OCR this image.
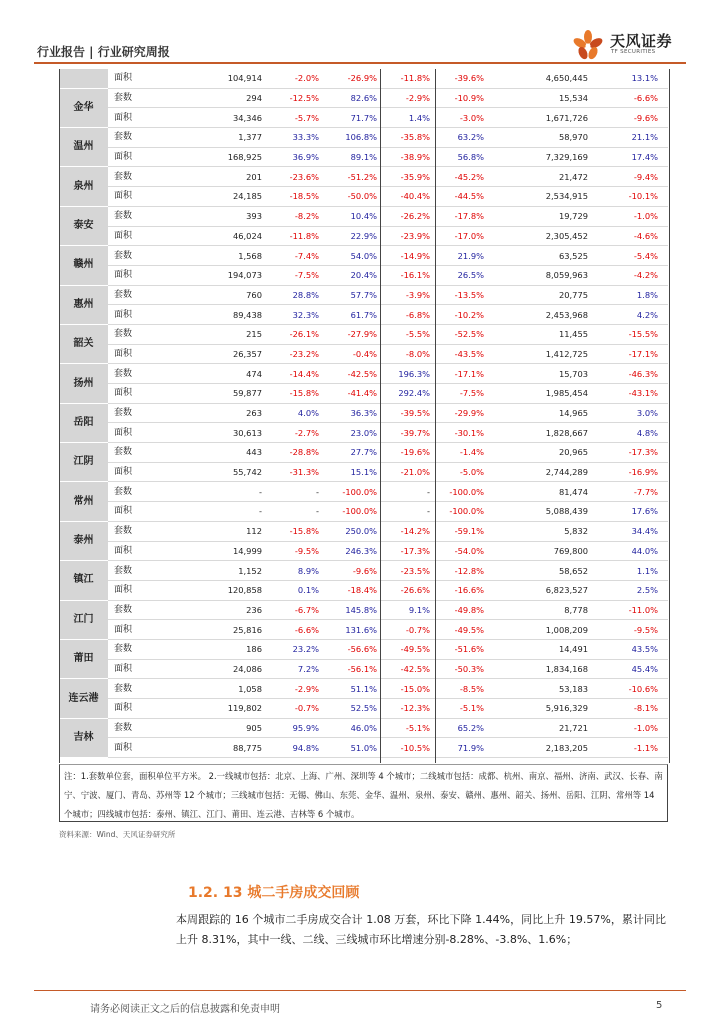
行业报告 | 行业研究周报
天风证券
TF SECURITIES
	面积	104,914	-2.0%	-26.9%	-11.8%	-39.6%	4,650,445	13.1%
金华	套数	294	-12.5%	82.6%	-2.9%	-10.9%	15,534	-6.6%
	面积	34,346	-5.7%	71.7%	1.4%	-3.0%	1,671,726	-9.6%
温州	套数	1,377	33.3%	106.8%	-35.8%	63.2%	58,970	21.1%
	面积	168,925	36.9%	89.1%	-38.9%	56.8%	7,329,169	17.4%
泉州	套数	201	-23.6%	-51.2%	-35.9%	-45.2%	21,472	-9.4%
	面积	24,185	-18.5%	-50.0%	-40.4%	-44.5%	2,534,915	-10.1%
泰安	套数	393	-8.2%	10.4%	-26.2%	-17.8%	19,729	-1.0%
	面积	46,024	-11.8%	22.9%	-23.9%	-17.0%	2,305,452	-4.6%
赣州	套数	1,568	-7.4%	54.0%	-14.9%	21.9%	63,525	-5.4%
	面积	194,073	-7.5%	20.4%	-16.1%	26.5%	8,059,963	-4.2%
惠州	套数	760	28.8%	57.7%	-3.9%	-13.5%	20,775	1.8%
	面积	89,438	32.3%	61.7%	-6.8%	-10.2%	2,453,968	4.2%
韶关	套数	215	-26.1%	-27.9%	-5.5%	-52.5%	11,455	-15.5%
	面积	26,357	-23.2%	-0.4%	-8.0%	-43.5%	1,412,725	-17.1%
扬州	套数	474	-14.4%	-42.5%	196.3%	-17.1%	15,703	-46.3%
	面积	59,877	-15.8%	-41.4%	292.4%	-7.5%	1,985,454	-43.1%
岳阳	套数	263	4.0%	36.3%	-39.5%	-29.9%	14,965	3.0%
	面积	30,613	-2.7%	23.0%	-39.7%	-30.1%	1,828,667	4.8%
江阴	套数	443	-28.8%	27.7%	-19.6%	-1.4%	20,965	-17.3%
	面积	55,742	-31.3%	15.1%	-21.0%	-5.0%	2,744,289	-16.9%
常州	套数	-	-	-100.0%	-	-100.0%	81,474	-7.7%
	面积	-	-	-100.0%	-	-100.0%	5,088,439	17.6%
泰州	套数	112	-15.8%	250.0%	-14.2%	-59.1%	5,832	34.4%
	面积	14,999	-9.5%	246.3%	-17.3%	-54.0%	769,800	44.0%
镇江	套数	1,152	8.9%	-9.6%	-23.5%	-12.8%	58,652	1.1%
	面积	120,858	0.1%	-18.4%	-26.6%	-16.6%	6,823,527	2.5%
江门	套数	236	-6.7%	145.8%	9.1%	-49.8%	8,778	-11.0%
	面积	25,816	-6.6%	131.6%	-0.7%	-49.5%	1,008,209	-9.5%
莆田	套数	186	23.2%	-56.6%	-49.5%	-51.6%	14,491	43.5%
	面积	24,086	7.2%	-56.1%	-42.5%	-50.3%	1,834,168	45.4%
连云港	套数	1,058	-2.9%	51.1%	-15.0%	-8.5%	53,183	-10.6%
	面积	119,802	-0.7%	52.5%	-12.3%	-5.1%	5,916,329	-8.1%
吉林	套数	905	95.9%	46.0%	-5.1%	65.2%	21,721	-1.0%
	面积	88,775	94.8%	51.0%	-10.5%	71.9%	2,183,205	-1.1%
注：1.套数单位套，面积单位平方米。 2.一线城市包括：北京、上海、广州、深圳等 4 个城市；二线城市包括：成都、杭州、南京、福州、济南、武汉、长春、南宁、宁波、厦门、青岛、苏州等 12 个城市；三线城市包括：无锡、佛山、东莞、金华、温州、泉州、泰安、赣州、惠州、韶关、扬州、岳阳、江阴、常州等 14 个城市；四线城市包括：泰州、镇江、江门、莆田、连云港、吉林等 6 个城市。
资料来源：Wind、天风证券研究所
1.2. 13 城二手房成交回顾
本周跟踪的 16 个城市二手房成交合计 1.08 万套，环比下降 1.44%，同比上升 19.57%，累计同比上升 8.31%，其中一线、二线、三线城市环比增速分别-8.28%、-3.8%、1.6%；
请务必阅读正文之后的信息披露和免责申明	5
